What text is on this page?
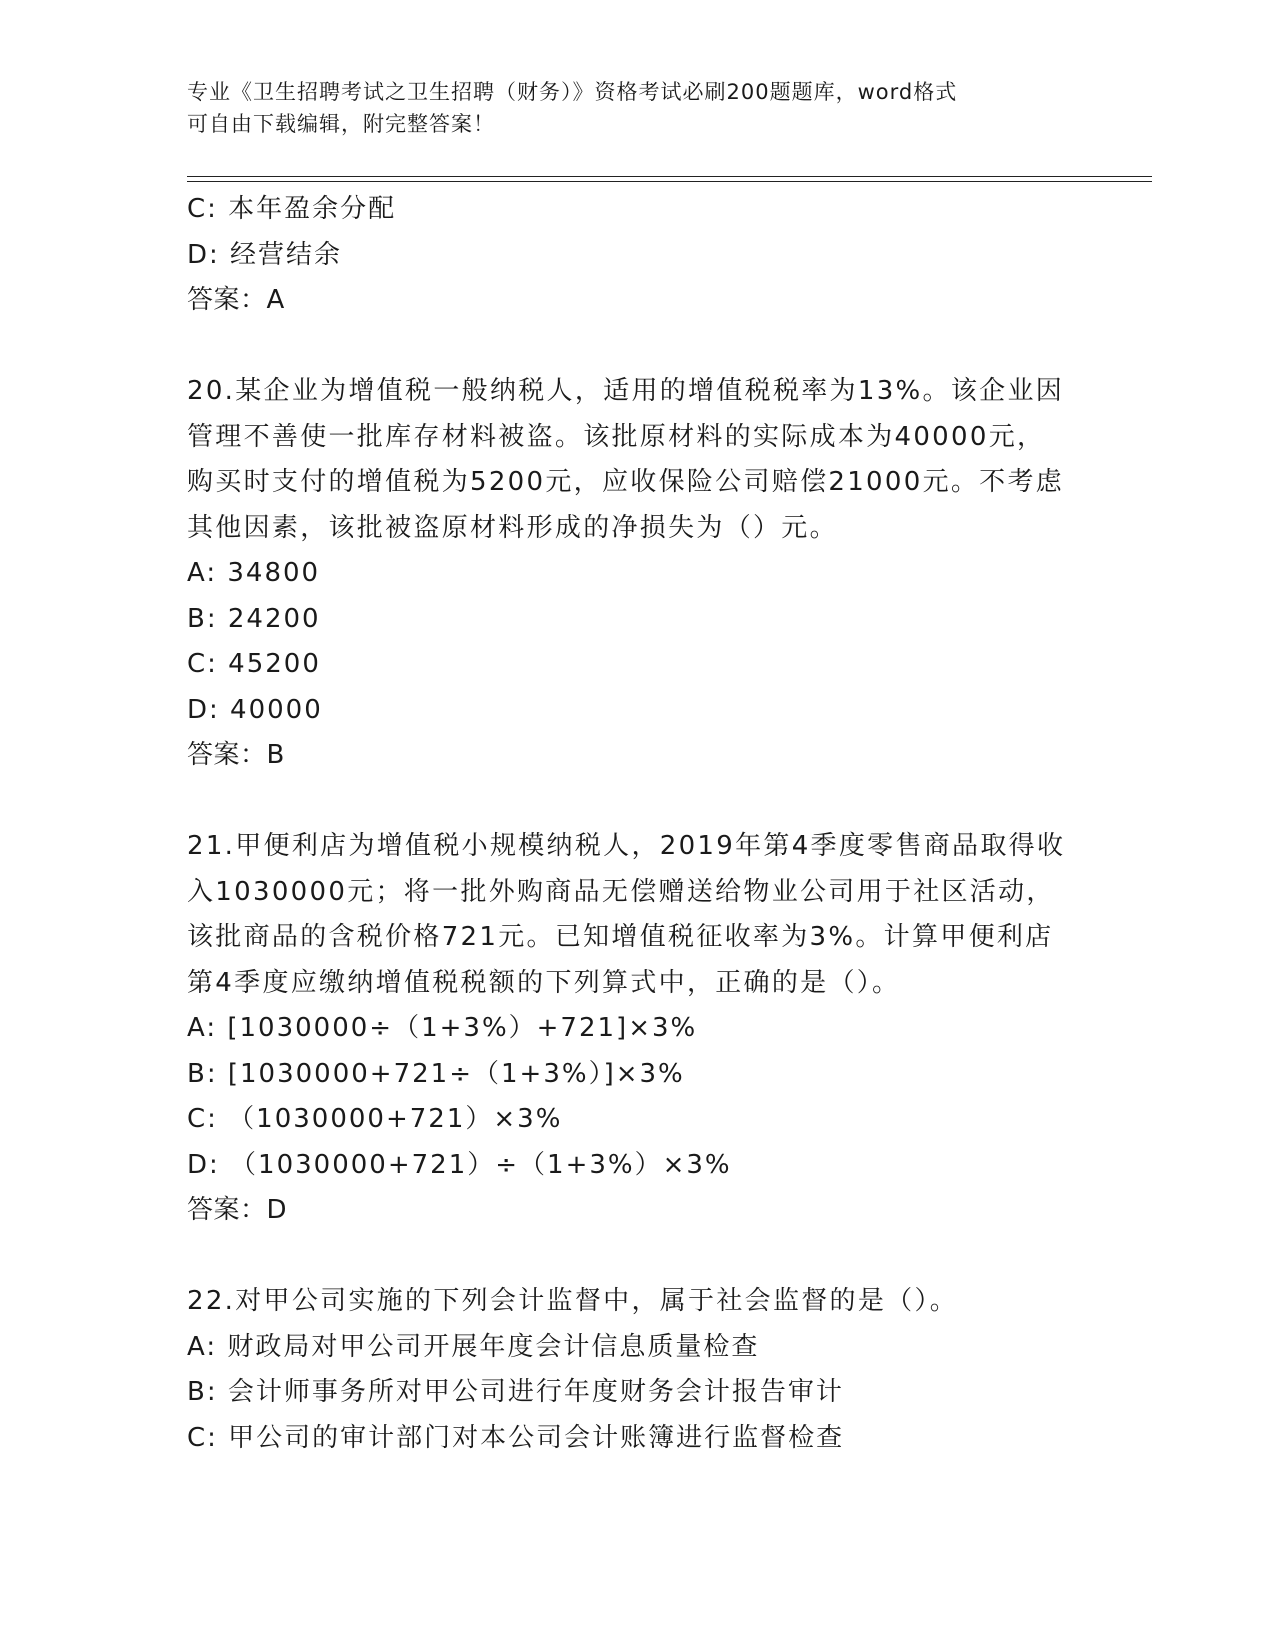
专业《卫生招聘考试之卫生招聘（财务）》资格考试必刷200题题库，word格式
可自由下载编辑，附完整答案！
C: 本年盈余分配
D: 经营结余
答案：A
20.某企业为增值税一般纳税人，适用的增值税税率为13%。该企业因
管理不善使一批库存材料被盗。该批原材料的实际成本为40000元，
购买时支付的增值税为5200元，应收保险公司赔偿21000元。不考虑
其他因素，该批被盗原材料形成的净损失为（）元。
A: 34800
B: 24200
C: 45200
D: 40000
答案：B
21.甲便利店为增值税小规模纳税人，2019年第4季度零售商品取得收
入1030000元；将一批外购商品无偿赠送给物业公司用于社区活动，
该批商品的含税价格721元。已知增值税征收率为3%。计算甲便利店
第4季度应缴纳增值税税额的下列算式中，正确的是（）。
A: [1030000÷（1+3%）+721]×3%
B: [1030000+721÷（1+3%）]×3%
C: （1030000+721）×3%
D: （1030000+721）÷（1+3%）×3%
答案：D
22.对甲公司实施的下列会计监督中，属于社会监督的是（）。
A: 财政局对甲公司开展年度会计信息质量检查
B: 会计师事务所对甲公司进行年度财务会计报告审计
C: 甲公司的审计部门对本公司会计账簿进行监督检查
